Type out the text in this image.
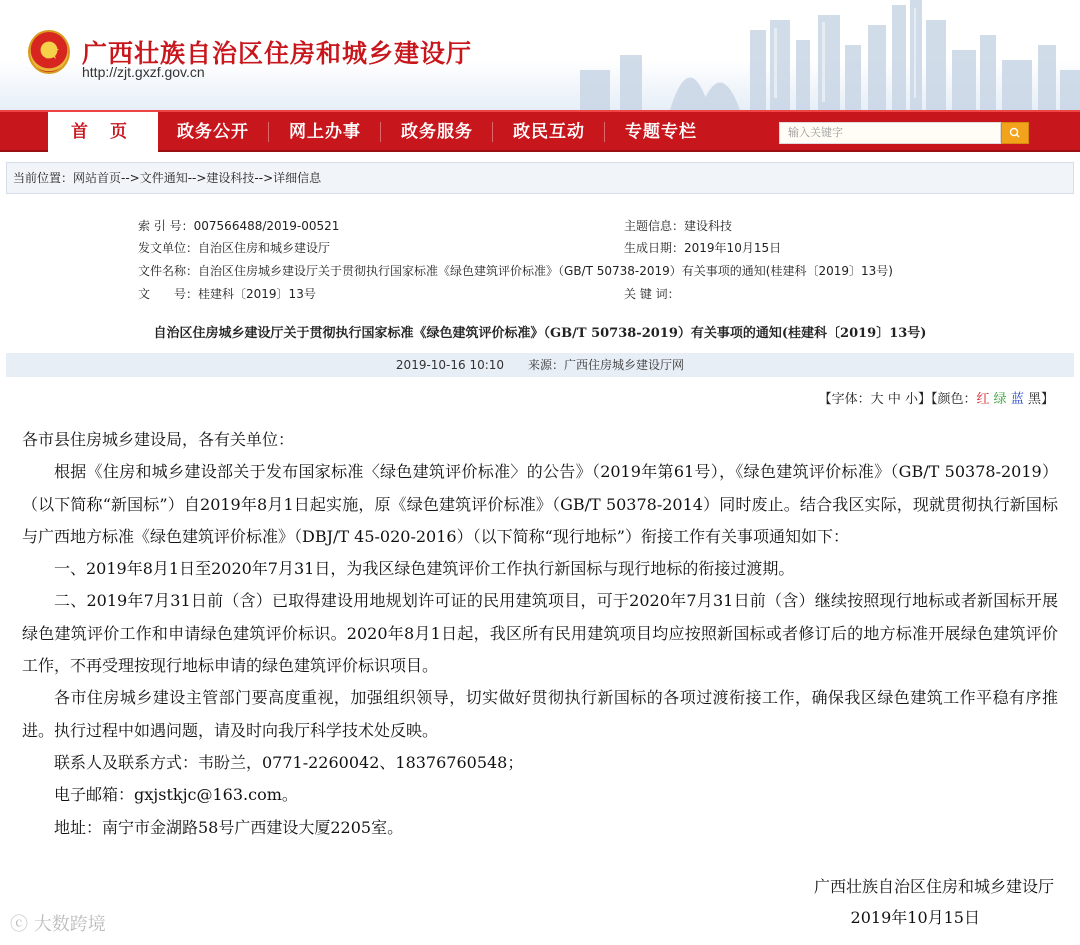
广西壮族自治区住房和城乡建设厅
http://zjt.gxzf.gov.cn
首 页	政务公开	网上办事	政务服务	政民互动	专题专栏	输入关键字
当前位置：网站首页-->文件通知-->建设科技-->详细信息
索 引 号：007566488/2019-00521	主题信息：建设科技
发文单位：自治区住房和城乡建设厅	生成日期：2019年10月15日
文件名称：自治区住房城乡建设厅关于贯彻执行国家标准《绿色建筑评价标准》（GB/T 50738-2019）有关事项的通知(桂建科〔2019〕13号)
文　　号：桂建科〔2019〕13号	关 键 词：
自治区住房城乡建设厅关于贯彻执行国家标准《绿色建筑评价标准》（GB/T 50738-2019）有关事项的通知(桂建科〔2019〕13号)
2019-10-16 10:10　　来源：广西住房城乡建设厅网
【字体：大 中 小】【颜色：红 绿 蓝 黑】

各市县住房城乡建设局，各有关单位：

根据《住房和城乡建设部关于发布国家标准〈绿色建筑评价标准〉的公告》（2019年第61号），《绿色建筑评价标准》（GB/T 50378-2019）（以下简称“新国标”）自2019年8月1日起实施，原《绿色建筑评价标准》（GB/T 50378-2014）同时废止。结合我区实际，现就贯彻执行新国标与广西地方标准《绿色建筑评价标准》（DBJ/T 45-020-2016）（以下简称“现行地标”）衔接工作有关事项通知如下：

一、2019年8月1日至2020年7月31日，为我区绿色建筑评价工作执行新国标与现行地标的衔接过渡期。

二、2019年7月31日前（含）已取得建设用地规划许可证的民用建筑项目，可于2020年7月31日前（含）继续按照现行地标或者新国标开展绿色建筑评价工作和申请绿色建筑评价标识。2020年8月1日起，我区所有民用建筑项目均应按照新国标或者修订后的地方标准开展绿色建筑评价工作，不再受理按现行地标申请的绿色建筑评价标识项目。

各市住房城乡建设主管部门要高度重视，加强组织领导，切实做好贯彻执行新国标的各项过渡衔接工作，确保我区绿色建筑工作平稳有序推进。执行过程中如遇问题，请及时向我厅科学技术处反映。

联系人及联系方式：韦盼兰，0771-2260042、18376760548；

电子邮箱：gxjstkjc@163.com。

地址：南宁市金湖路58号广西建设大厦2205室。

广西壮族自治区住房和城乡建设厅
2019年10月15日
ⓒ 大数跨境
